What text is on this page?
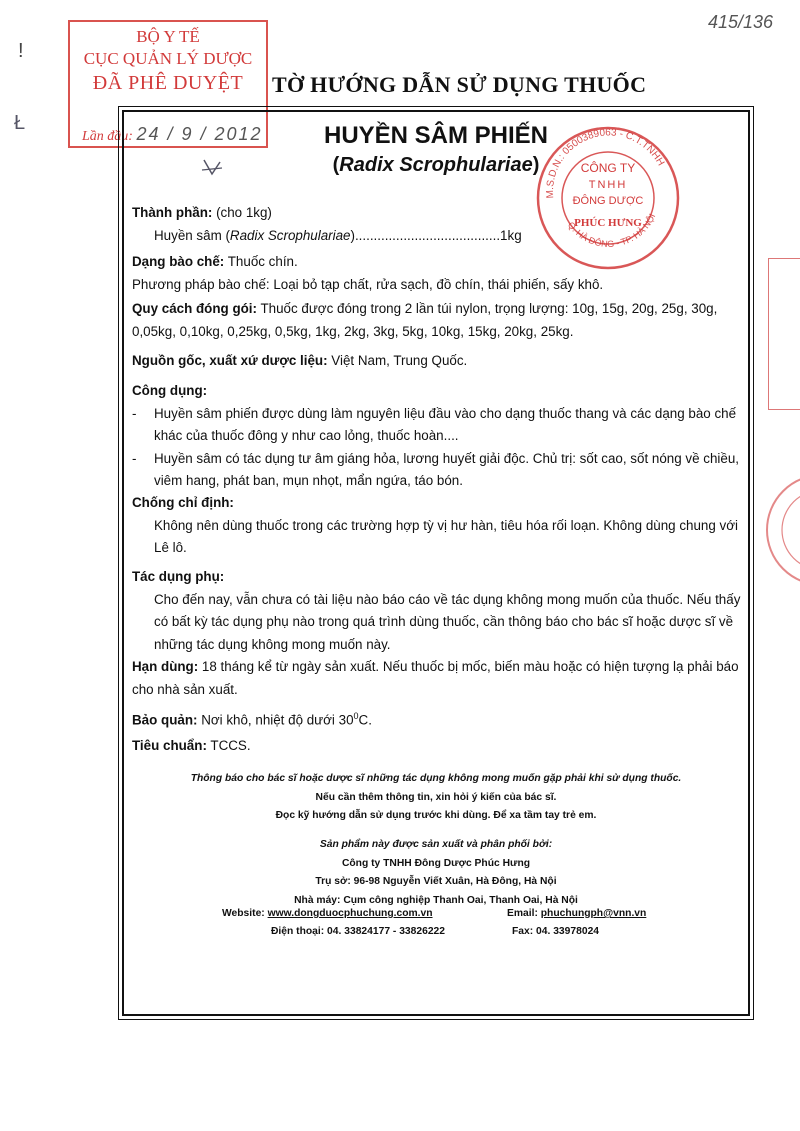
!
Ł
415/136
BỘ Y TẾ
CỤC QUẢN LÝ DƯỢC
ĐÃ PHÊ DUYỆT
Lần đầu: 24 / 9 / 2012
TỜ HƯỚNG DẪN SỬ DỤNG THUỐC
HUYỀN SÂM PHIẾN
(Radix Scrophulariae)
M.S.D.N.: 0500389063 - C.T.TNHH
Q. HÀ ĐÔNG - TP. HÀ NỘI
CÔNG TY
TNHH
ĐÔNG DƯỢC
PHÚC HƯNG
Thành phần: (cho 1kg)
Huyền sâm (Radix Scrophulariae).......................................1kg
Dạng bào chế: Thuốc chín.
Phương pháp bào chế: Loại bỏ tạp chất, rửa sạch, đồ chín, thái phiến, sấy khô.
Quy cách đóng gói: Thuốc được đóng trong 2 lần túi nylon, trọng lượng: 10g, 15g, 20g, 25g, 30g, 0,05kg, 0,10kg, 0,25kg, 0,5kg, 1kg, 2kg, 3kg, 5kg, 10kg, 15kg, 20kg, 25kg.
Nguồn gốc, xuất xứ dược liệu: Việt Nam, Trung Quốc.
Công dụng:
- Huyền sâm phiến được dùng làm nguyên liệu đầu vào cho dạng thuốc thang và các dạng bào chế khác của thuốc đông y như cao lỏng, thuốc hoàn....
- Huyền sâm có tác dụng tư âm giáng hỏa, lương huyết giải độc. Chủ trị: sốt cao, sốt nóng về chiều, viêm hang, phát ban, mụn nhọt, mẩn ngứa, táo bón.
Chống chỉ định:
Không nên dùng thuốc trong các trường hợp tỳ vị hư hàn, tiêu hóa rối loạn. Không dùng chung với Lê lô.
Tác dụng phụ:
Cho đến nay, vẫn chưa có tài liệu nào báo cáo về tác dụng không mong muốn của thuốc. Nếu thấy có bất kỳ tác dụng phụ nào trong quá trình dùng thuốc, cần thông báo cho bác sĩ hoặc dược sĩ về những tác dụng không mong muốn này.
Hạn dùng: 18 tháng kể từ ngày sản xuất. Nếu thuốc bị mốc, biến màu hoặc có hiện tượng lạ phải báo cho nhà sản xuất.
Bảo quản: Nơi khô, nhiệt độ dưới $30^0C$.
Tiêu chuẩn: TCCS.
Thông báo cho bác sĩ hoặc dược sĩ những tác dụng không mong muốn gặp phải khi sử dụng thuốc.
Nếu cần thêm thông tin, xin hỏi ý kiến của bác sĩ.
Đọc kỹ hướng dẫn sử dụng trước khi dùng. Để xa tầm tay trẻ em.
Sản phẩm này được sản xuất và phân phối bởi:
Công ty TNHH Đông Dược Phúc Hưng
Trụ sở: 96-98 Nguyễn Viết Xuân, Hà Đông, Hà Nội
Nhà máy: Cụm công nghiệp Thanh Oai, Thanh Oai, Hà Nội
Website: www.dongduocphuchung.com.vn	Email: phuchungph@vnn.vn
Điện thoại: 04. 33824177 - 33826222	Fax: 04. 33978024
